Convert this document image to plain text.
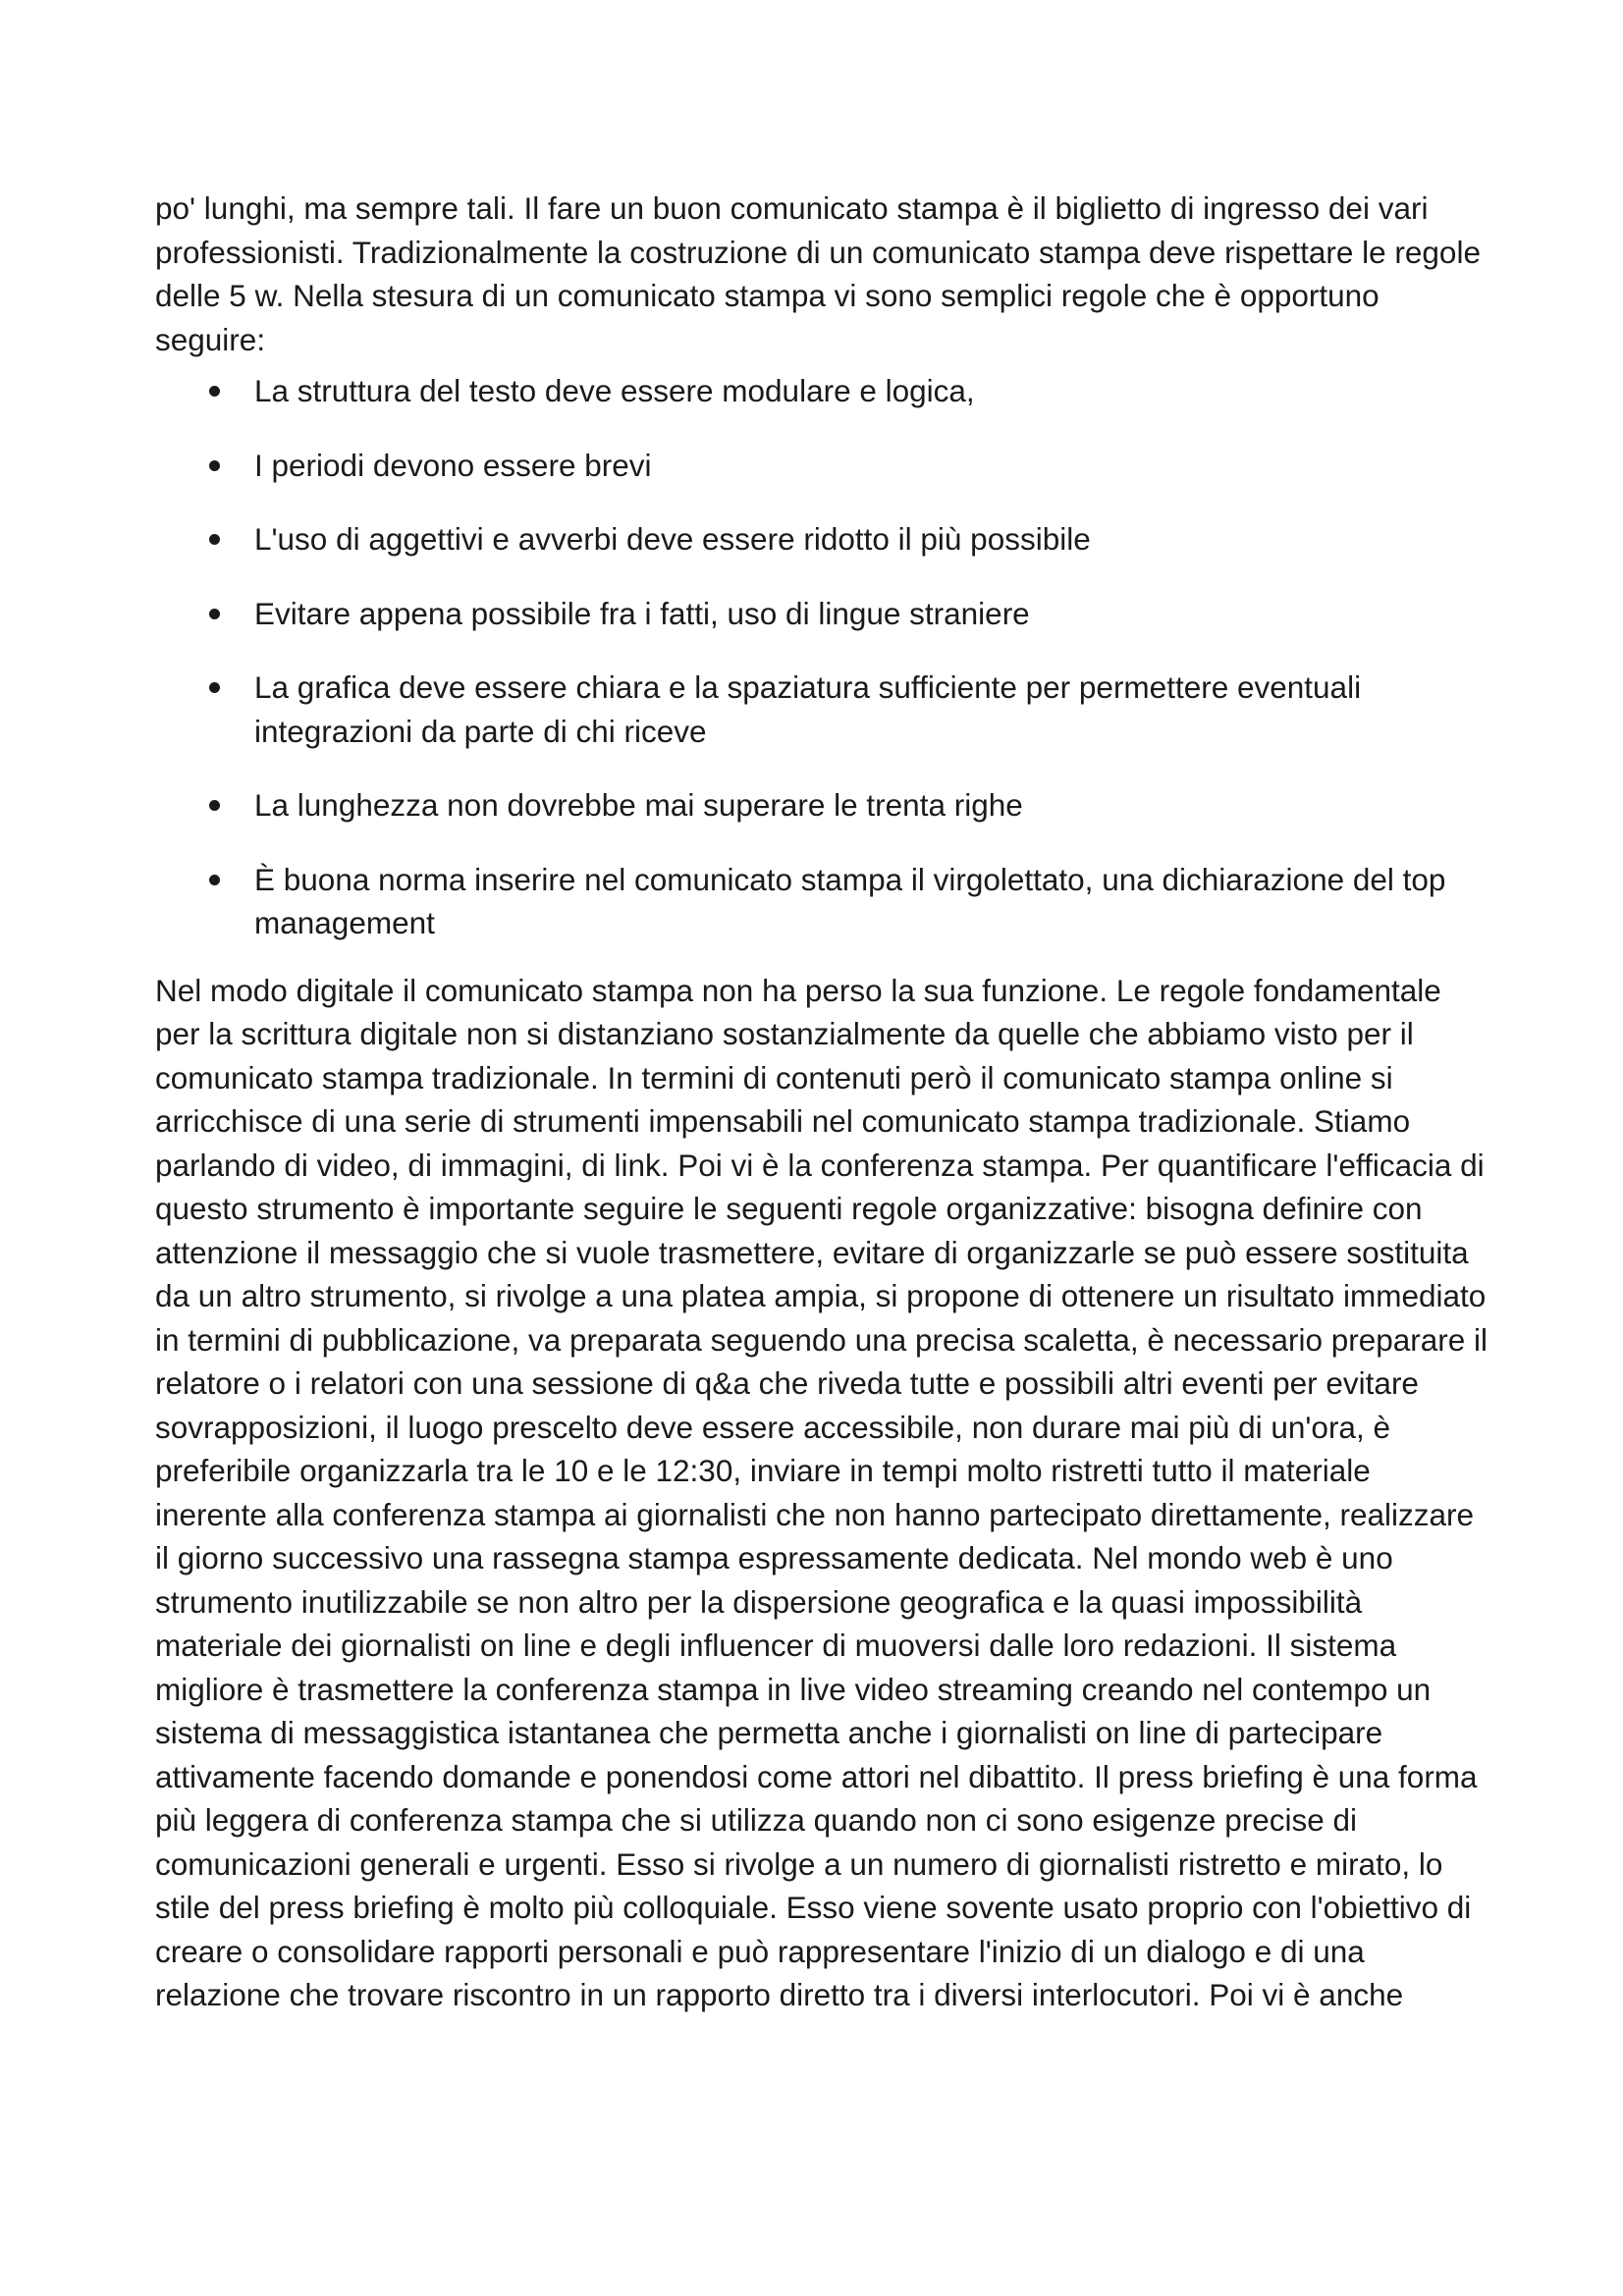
po' lunghi, ma sempre tali. Il fare un buon comunicato stampa è il biglietto di ingresso dei vari professionisti. Tradizionalmente la costruzione di un comunicato stampa deve rispettare le regole delle 5 w. Nella stesura di un comunicato stampa vi sono semplici regole che è opportuno seguire:

La struttura del testo deve essere modulare e logica,
I periodi devono essere brevi
L'uso di aggettivi e avverbi deve essere ridotto il più possibile
Evitare appena possibile fra i fatti, uso di lingue straniere
La grafica deve essere chiara e la spaziatura sufficiente per permettere eventuali integrazioni da parte di chi riceve
La lunghezza non dovrebbe mai superare le trenta righe
È buona norma inserire nel comunicato stampa il virgolettato, una dichiarazione del top management

Nel modo digitale il comunicato stampa non ha perso la sua funzione. Le regole fondamentale per la scrittura digitale non si distanziano sostanzialmente da quelle che abbiamo visto per il comunicato stampa tradizionale. In termini di contenuti però il comunicato stampa online si arricchisce di una serie di strumenti impensabili nel comunicato stampa tradizionale. Stiamo parlando di video, di immagini, di link. Poi vi è la conferenza stampa. Per quantificare l'efficacia di questo strumento è importante seguire le seguenti regole organizzative: bisogna definire con attenzione il messaggio che si vuole trasmettere, evitare di organizzarle se può essere sostituita da un altro strumento, si rivolge a una platea ampia, si propone di ottenere un risultato immediato in termini di pubblicazione, va preparata seguendo una precisa scaletta, è necessario preparare il relatore o i relatori con una sessione di q&a che riveda tutte e possibili altri eventi per evitare sovrapposizioni, il luogo prescelto deve essere accessibile, non durare mai più di un'ora, è preferibile organizzarla tra le 10 e le 12:30, inviare in tempi molto ristretti tutto il materiale inerente alla conferenza stampa ai giornalisti che non hanno partecipato direttamente, realizzare il giorno successivo una rassegna stampa espressamente dedicata. Nel mondo web è uno strumento inutilizzabile se non altro per la dispersione geografica e la quasi impossibilità materiale dei giornalisti on line e degli influencer di muoversi dalle loro redazioni. Il sistema migliore è trasmettere la conferenza stampa in live video streaming creando nel contempo un sistema di messaggistica istantanea che permetta anche i giornalisti on line di partecipare attivamente facendo domande e ponendosi come attori nel dibattito. Il press briefing è una forma più leggera di conferenza stampa che si utilizza quando non ci sono esigenze precise di comunicazioni generali e urgenti. Esso si rivolge a un numero di giornalisti ristretto e mirato, lo stile del press briefing è molto più colloquiale. Esso viene sovente usato proprio con l'obiettivo di creare o consolidare rapporti personali e può rappresentare l'inizio di un dialogo e di una relazione che trovare riscontro in un rapporto diretto tra i diversi interlocutori. Poi vi è anche
